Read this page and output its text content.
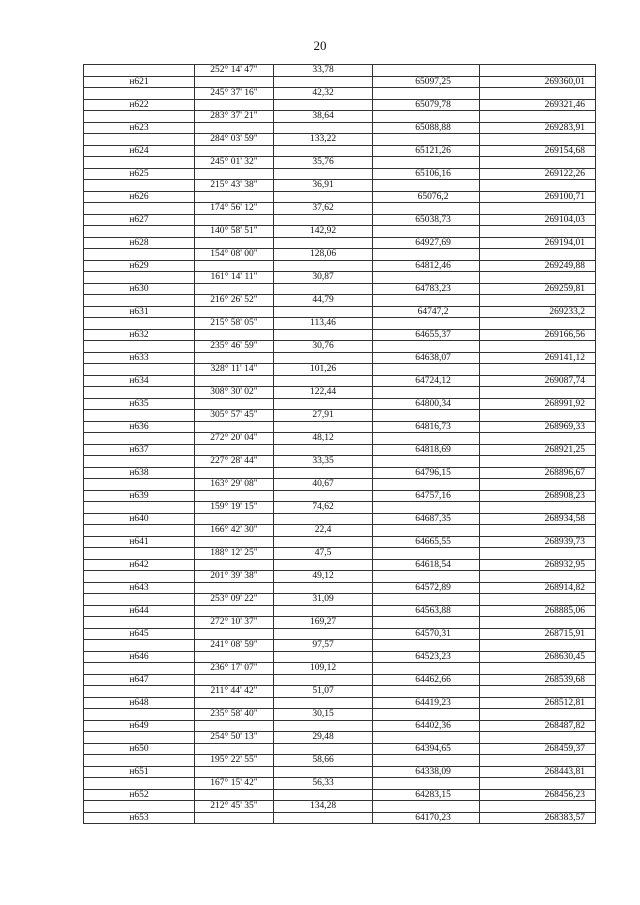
20
	252° 14' 47"	33,78		
н621			65097,25	269360,01
	245° 37' 16"	42,32		
н622			65079,78	269321,46
	283° 37' 21"	38,64		
н623			65088,88	269283,91
	284° 03' 59"	133,22		
н624			65121,26	269154,68
	245° 01' 32"	35,76		
н625			65106,16	269122,26
	215° 43' 38"	36,91		
н626			65076,2	269100,71
	174° 56' 12"	37,62		
н627			65038,73	269104,03
	140° 58' 51"	142,92		
н628			64927,69	269194,01
	154° 08' 00"	128,06		
н629			64812,46	269249,88
	161° 14' 11"	30,87		
н630			64783,23	269259,81
	216° 26' 52"	44,79		
н631			64747,2	269233,2
	215° 58' 05"	113,46		
н632			64655,37	269166,56
	235° 46' 59"	30,76		
н633			64638,07	269141,12
	328° 11' 14"	101,26		
н634			64724,12	269087,74
	308° 30' 02"	122,44		
н635			64800,34	268991,92
	305° 57' 45"	27,91		
н636			64816,73	268969,33
	272° 20' 04"	48,12		
н637			64818,69	268921,25
	227° 28' 44"	33,35		
н638			64796,15	268896,67
	163° 29' 08"	40,67		
н639			64757,16	268908,23
	159° 19' 15"	74,62		
н640			64687,35	268934,58
	166° 42' 30"	22,4		
н641			64665,55	268939,73
	188° 12' 25"	47,5		
н642			64618,54	268932,95
	201° 39' 38"	49,12		
н643			64572,89	268914,82
	253° 09' 22"	31,09		
н644			64563,88	268885,06
	272° 10' 37"	169,27		
н645			64570,31	268715,91
	241° 08' 59"	97,57		
н646			64523,23	268630,45
	236° 17' 07"	109,12		
н647			64462,66	268539,68
	211° 44' 42"	51,07		
н648			64419,23	268512,81
	235° 58' 40"	30,15		
н649			64402,36	268487,82
	254° 50' 13"	29,48		
н650			64394,65	268459,37
	195° 22' 55"	58,66		
н651			64338,09	268443,81
	167° 15' 42"	56,33		
н652			64283,15	268456,23
	212° 45' 35"	134,28		
н653			64170,23	268383,57
